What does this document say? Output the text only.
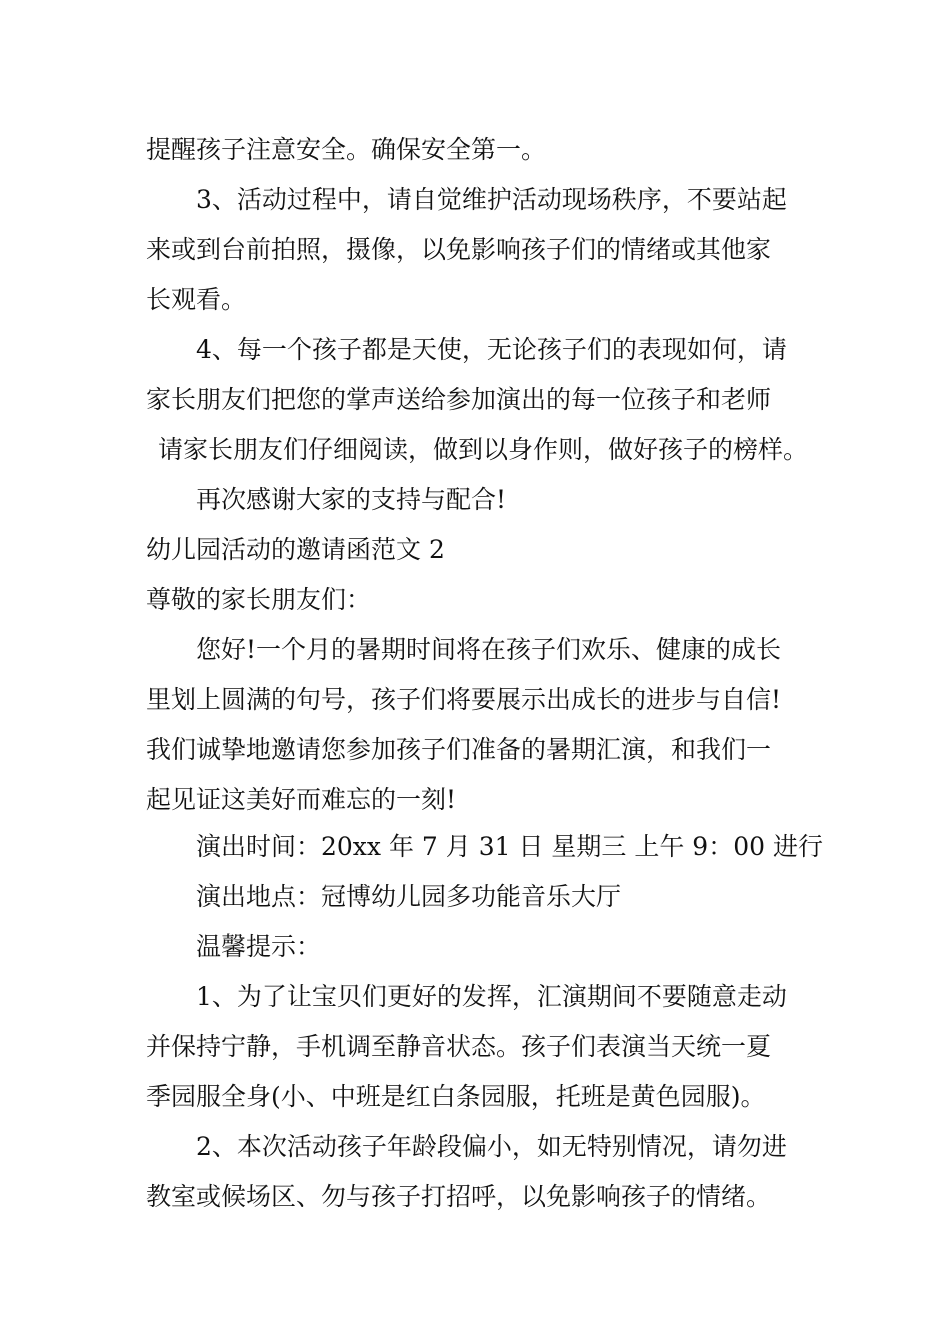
提醒孩子注意安全。确保安全第一。
3、活动过程中，请自觉维护活动现场秩序，不要站起
来或到台前拍照，摄像，以免影响孩子们的情绪或其他家
长观看。
4、每一个孩子都是天使，无论孩子们的表现如何，请
家长朋友们把您的掌声送给参加演出的每一位孩子和老师
请家长朋友们仔细阅读，做到以身作则，做好孩子的榜样。
再次感谢大家的支持与配合!
幼儿园活动的邀请函范文 2
尊敬的家长朋友们：
您好!一个月的暑期时间将在孩子们欢乐、健康的成长
里划上圆满的句号，孩子们将要展示出成长的进步与自信!
我们诚挚地邀请您参加孩子们准备的暑期汇演，和我们一
起见证这美好而难忘的一刻!
演出时间：20xx 年 7 月 31 日 星期三 上午 9：00 进行
演出地点：冠博幼儿园多功能音乐大厅
温馨提示：
1、为了让宝贝们更好的发挥，汇演期间不要随意走动
并保持宁静，手机调至静音状态。孩子们表演当天统一夏
季园服全身(小、中班是红白条园服，托班是黄色园服)。
2、本次活动孩子年龄段偏小，如无特别情况，请勿进
教室或候场区、勿与孩子打招呼，以免影响孩子的情绪。
